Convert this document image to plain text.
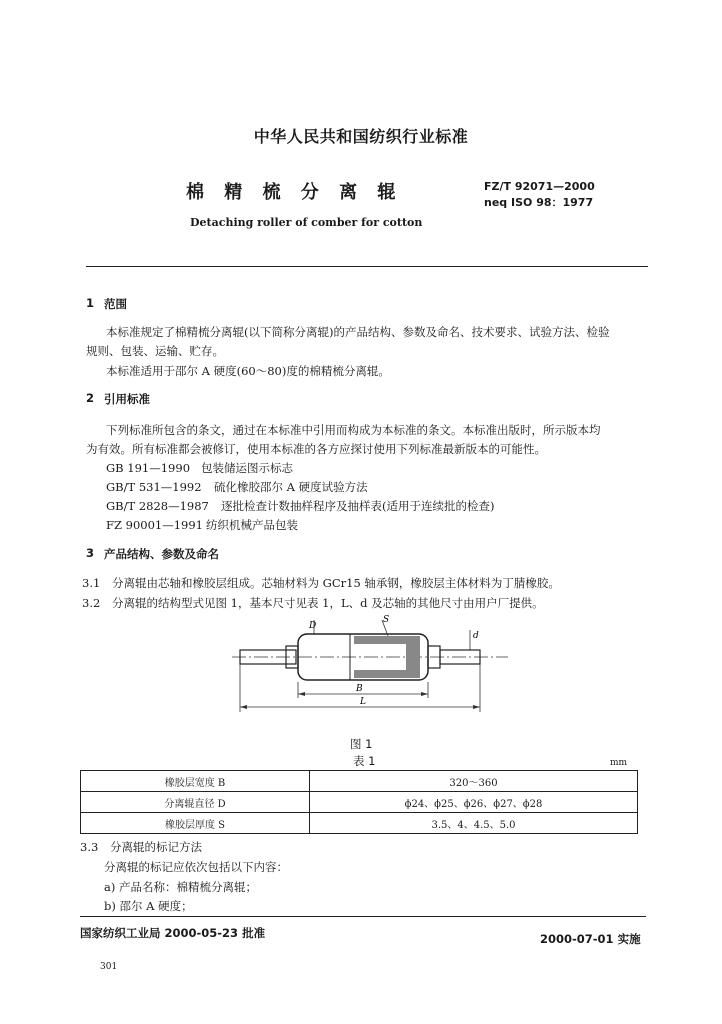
中华人民共和国纺织行业标准
棉 精 梳 分 离 辊	FZ/T 92071—2000
neq ISO 98：1977
Detaching roller of comber for cotton
1 范围
本标准规定了棉精梳分离辊(以下简称分离辊)的产品结构、参数及命名、技术要求、试验方法、检验
规则、包装、运输、贮存。
本标准适用于邵尔 A 硬度(60～80)度的棉精梳分离辊。
2 引用标准
下列标准所包含的条文，通过在本标准中引用而构成为本标准的条文。本标准出版时，所示版本均
为有效。所有标准都会被修订，使用本标准的各方应探讨使用下列标准最新版本的可能性。
GB 191—1990 包装储运图示标志
GB/T 531—1992 硫化橡胶邵尔 A 硬度试验方法
GB/T 2828—1987 逐批检查计数抽样程序及抽样表(适用于连续批的检查)
FZ 90001—1991 纺织机械产品包装
3 产品结构、参数及命名
3.1 分离辊由芯轴和橡胶层组成。芯轴材料为 GCr15 轴承钢，橡胶层主体材料为丁腈橡胶。
3.2 分离辊的结构型式见图 1，基本尺寸见表 1，L、d 及芯轴的其他尺寸由用户厂提供。
D
S
d
B
L
图 1
表 1	mm
橡胶层宽度 B	320～360
分离辊直径 D	ϕ24、ϕ25、ϕ26、ϕ27、ϕ28
橡胶层厚度 S	3.5、4、4.5、5.0
3.3 分离辊的标记方法
分离辊的标记应依次包括以下内容：
a) 产品名称：棉精梳分离辊；
b) 邵尔 A 硬度；
国家纺织工业局 2000-05-23 批准	2000-07-01 实施
301
